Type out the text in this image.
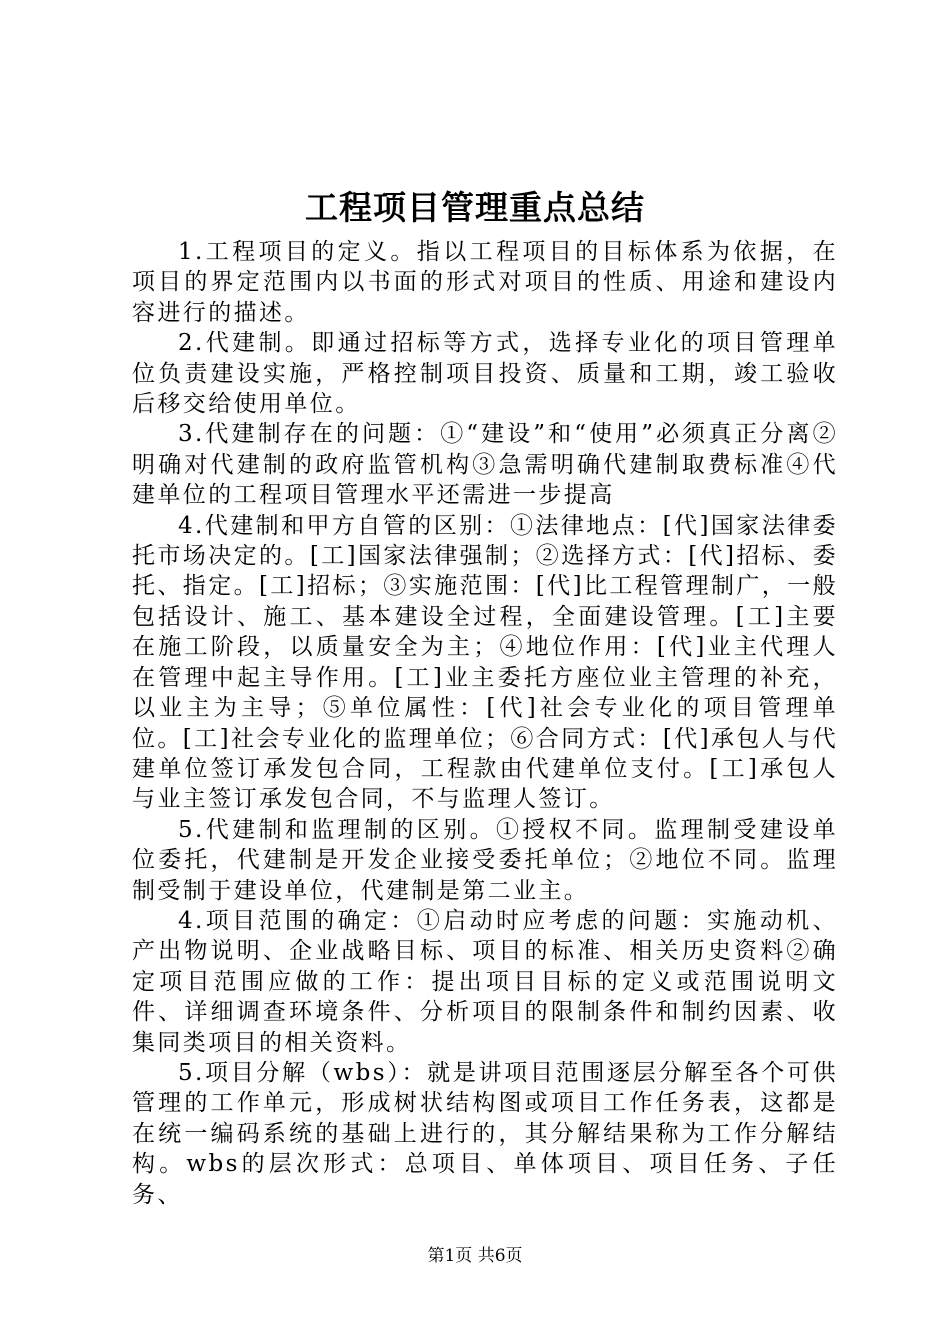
工程项目管理重点总结

1.工程项目的定义。指以工程项目的目标体系为依据，在项目的界定范围内以书面的形式对项目的性质、用途和建设内容进行的描述。

2.代建制。即通过招标等方式，选择专业化的项目管理单位负责建设实施，严格控制项目投资、质量和工期，竣工验收后移交给使用单位。

3.代建制存在的问题：①“建设”和“使用”必须真正分离②明确对代建制的政府监管机构③急需明确代建制取费标准④代建单位的工程项目管理水平还需进一步提高

4.代建制和甲方自管的区别：①法律地点：[代]国家法律委托市场决定的。[工]国家法律强制；②选择方式：[代]招标、委托、指定。[工]招标；③实施范围：[代]比工程管理制广，一般包括设计、施工、基本建设全过程，全面建设管理。[工]主要在施工阶段，以质量安全为主；④地位作用：[代]业主代理人在管理中起主导作用。[工]业主委托方座位业主管理的补充，以业主为主导；⑤单位属性：[代]社会专业化的项目管理单位。[工]社会专业化的监理单位；⑥合同方式：[代]承包人与代建单位签订承发包合同，工程款由代建单位支付。[工]承包人与业主签订承发包合同，不与监理人签订。

5.代建制和监理制的区别。①授权不同。监理制受建设单位委托，代建制是开发企业接受委托单位；②地位不同。监理制受制于建设单位，代建制是第二业主。

4.项目范围的确定：①启动时应考虑的问题：实施动机、产出物说明、企业战略目标、项目的标准、相关历史资料②确定项目范围应做的工作：提出项目目标的定义或范围说明文件、详细调查环境条件、分析项目的限制条件和制约因素、收集同类项目的相关资料。

5.项目分解（wbs）：就是讲项目范围逐层分解至各个可供管理的工作单元，形成树状结构图或项目工作任务表，这都是在统一编码系统的基础上进行的，其分解结果称为工作分解结构。wbs的层次形式：总项目、单体项目、项目任务、子任务、

第1页 共6页
